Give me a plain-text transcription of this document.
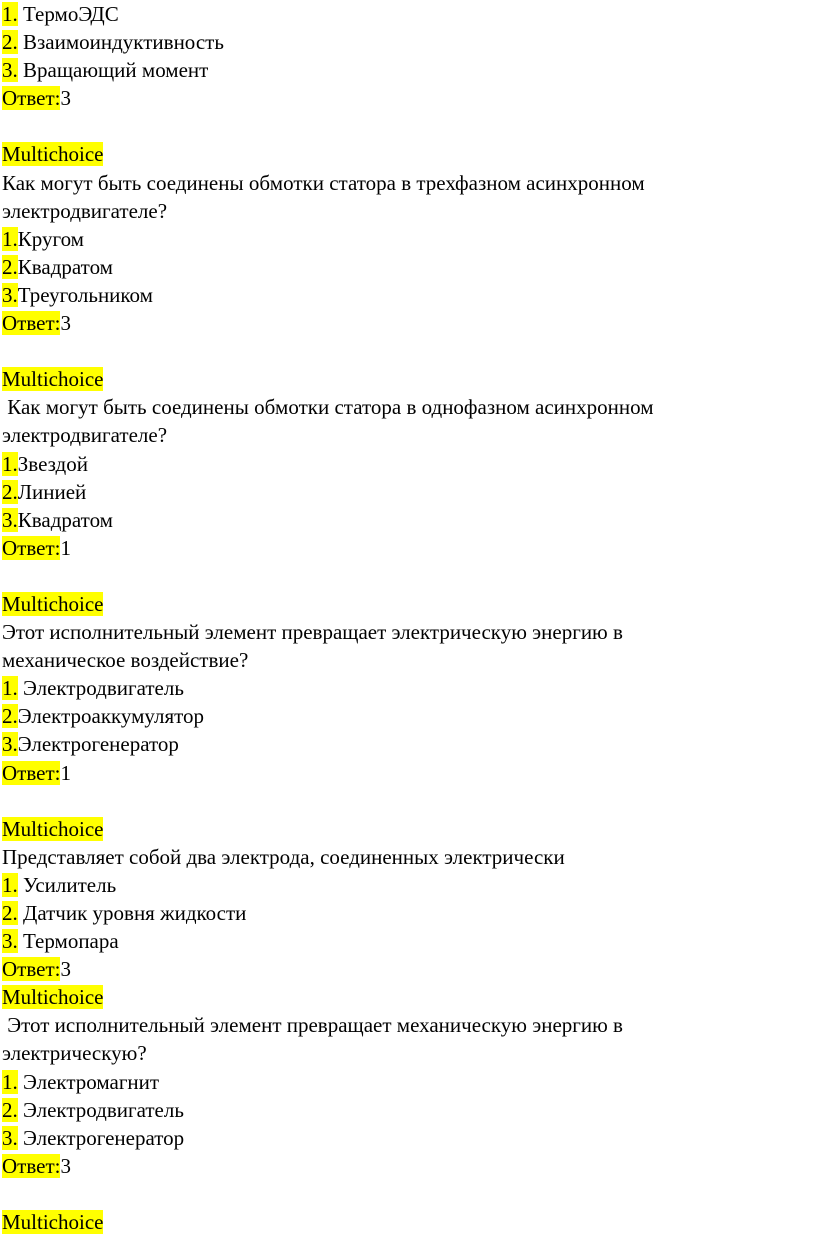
1. ТермоЭДС
2. Взаимоиндуктивность
3. Вращающий момент
Ответ:3
Multichoice
Как могут быть соединены обмотки статора в трехфазном асинхронном
электродвигателе?
1.Кругом
2.Квадратом
3.Треугольником
Ответ:3
Multichoice
Как могут быть соединены обмотки статора в однофазном асинхронном
электродвигателе?
1.Звездой
2.Линией
3.Квадратом
Ответ:1
Multichoice
Этот исполнительный элемент превращает электрическую энергию в
механическое воздействие?
1. Электродвигатель
2.Электроаккумулятор
3.Электрогенератор
Ответ:1
Multichoice
Представляет собой два электрода, соединенных электрически
1. Усилитель
2. Датчик уровня жидкости
3. Термопара
Ответ:3
Multichoice
Этот исполнительный элемент превращает механическую энергию в
электрическую?
1. Электромагнит
2. Электродвигатель
3. Электрогенератор
Ответ:3
Multichoice
